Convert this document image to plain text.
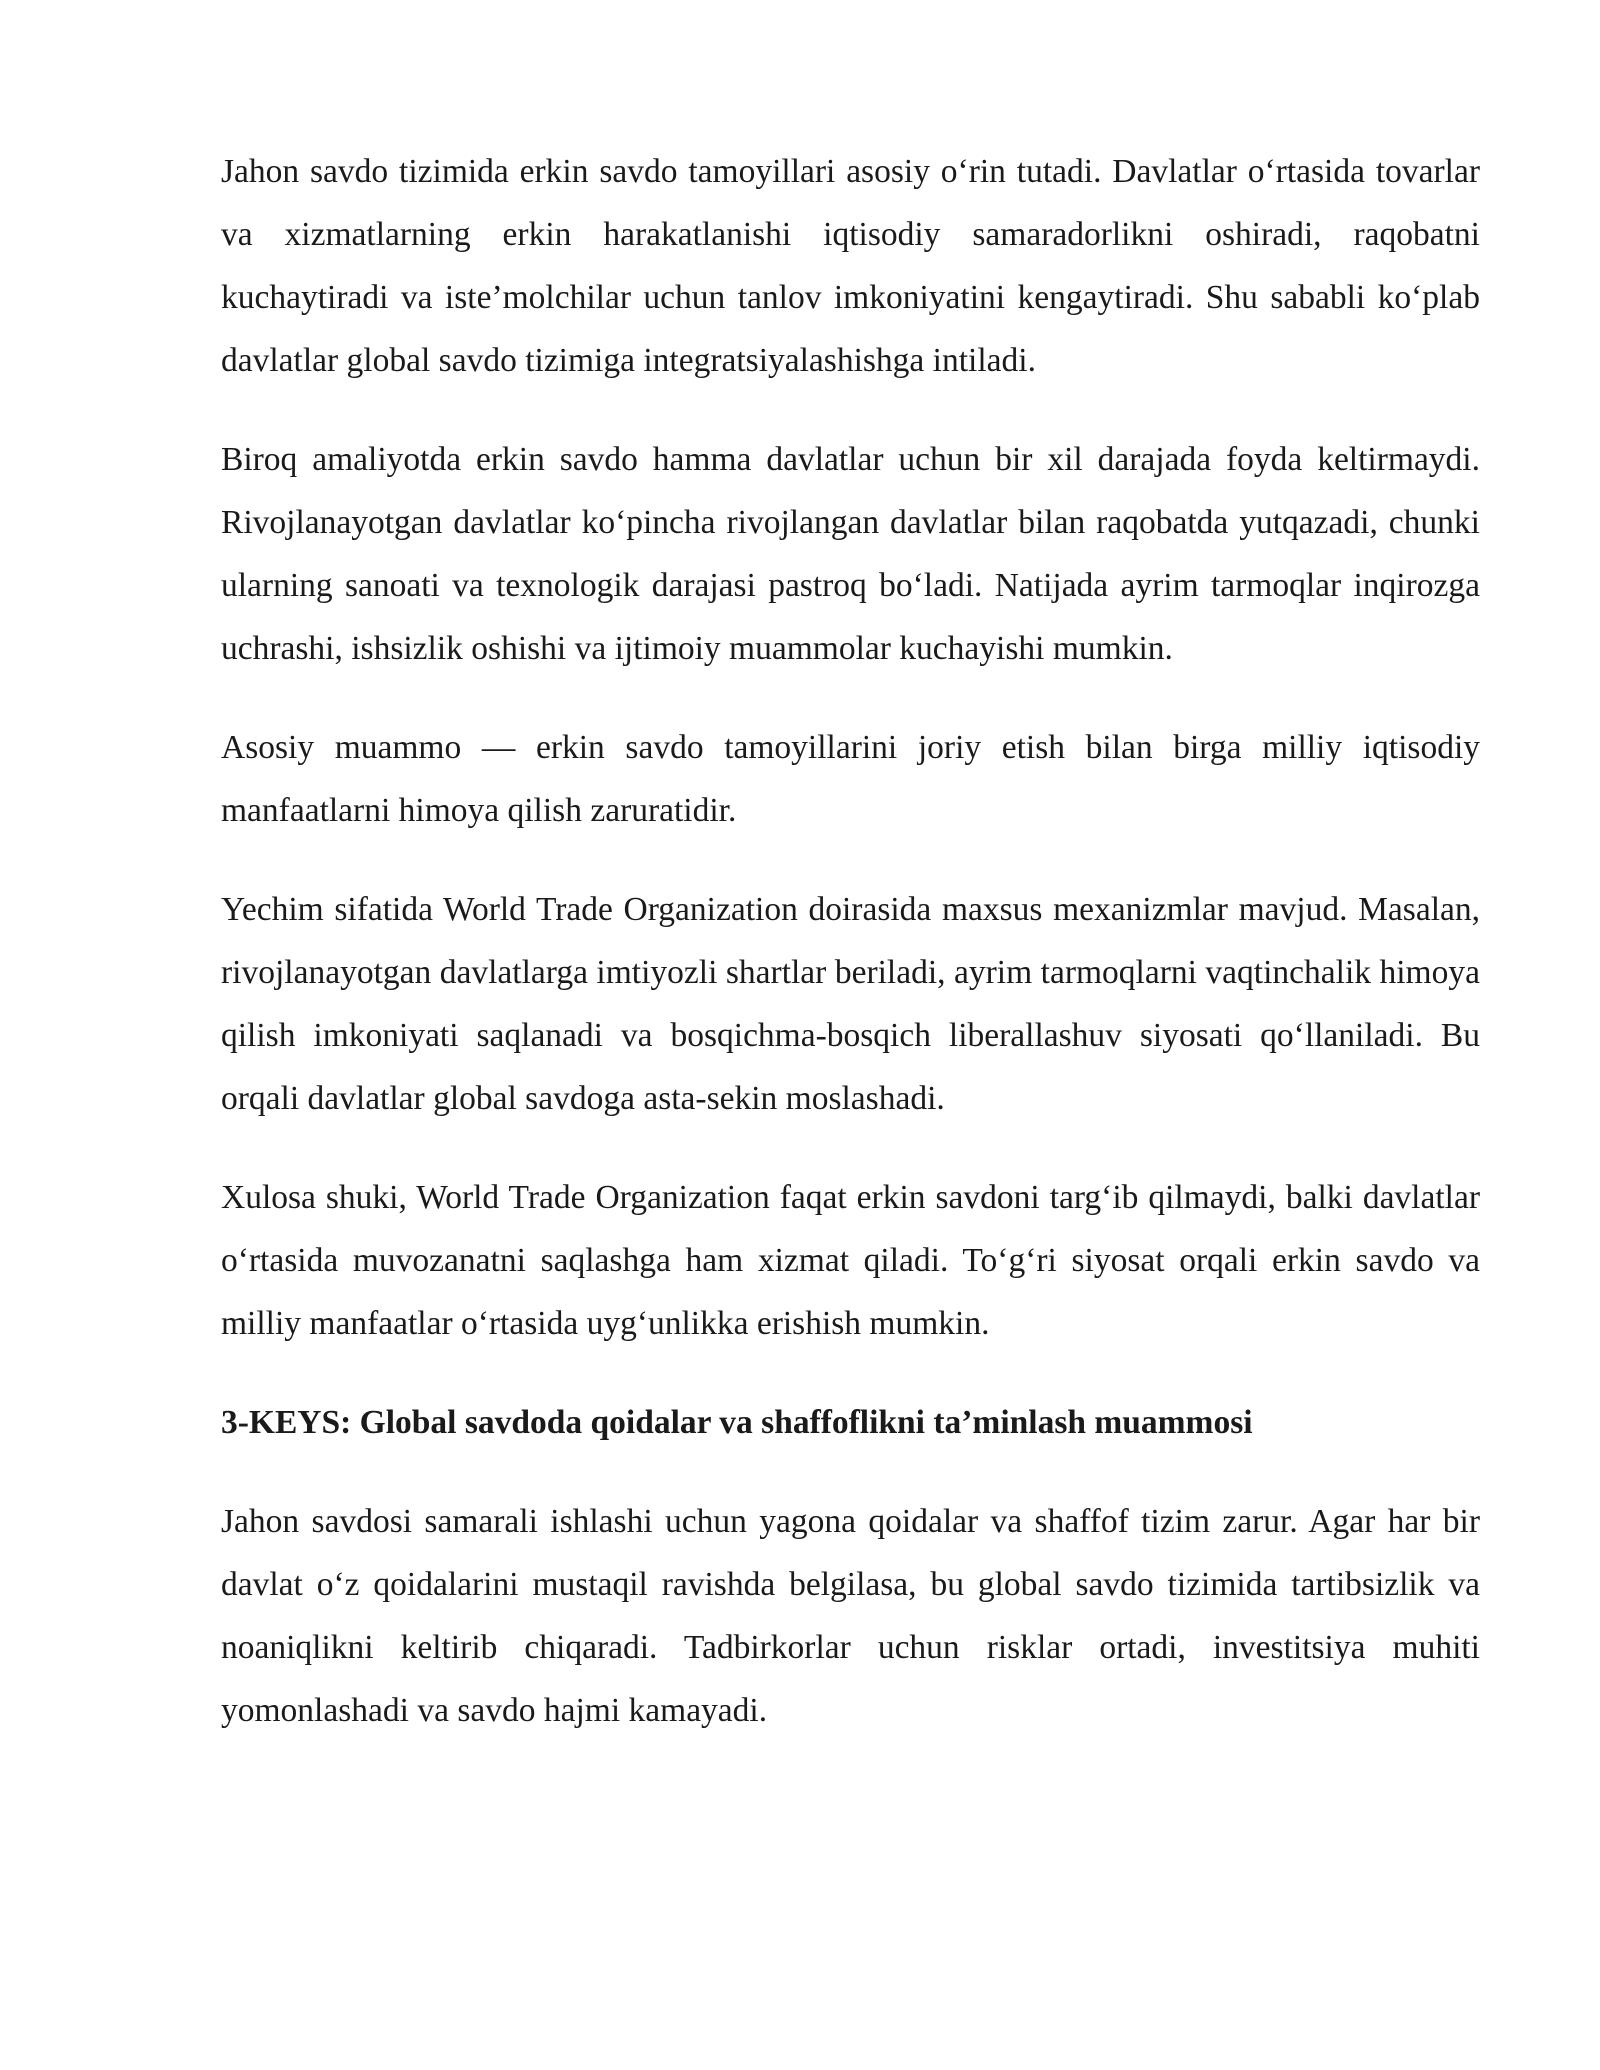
Jahon savdo tizimida erkin savdo tamoyillari asosiy o‘rin tutadi. Davlatlar o‘rtasida tovarlar va xizmatlarning erkin harakatlanishi iqtisodiy samaradorlikni oshiradi, raqobatni kuchaytiradi va iste’molchilar uchun tanlov imkoniyatini kengaytiradi. Shu sababli ko‘plab davlatlar global savdo tizimiga integratsiyalashishga intiladi.

Biroq amaliyotda erkin savdo hamma davlatlar uchun bir xil darajada foyda keltirmaydi. Rivojlanayotgan davlatlar ko‘pincha rivojlangan davlatlar bilan raqobatda yutqazadi, chunki ularning sanoati va texnologik darajasi pastroq bo‘ladi. Natijada ayrim tarmoqlar inqirozga uchrashi, ishsizlik oshishi va ijtimoiy muammolar kuchayishi mumkin.

Asosiy muammo — erkin savdo tamoyillarini joriy etish bilan birga milliy iqtisodiy manfaatlarni himoya qilish zaruratidir.

Yechim sifatida World Trade Organization doirasida maxsus mexanizmlar mavjud. Masalan, rivojlanayotgan davlatlarga imtiyozli shartlar beriladi, ayrim tarmoqlarni vaqtinchalik himoya qilish imkoniyati saqlanadi va bosqichma-bosqich liberallashuv siyosati qo‘llaniladi. Bu orqali davlatlar global savdoga asta-sekin moslashadi.

Xulosa shuki, World Trade Organization faqat erkin savdoni targ‘ib qilmaydi, balki davlatlar o‘rtasida muvozanatni saqlashga ham xizmat qiladi. To‘g‘ri siyosat orqali erkin savdo va milliy manfaatlar o‘rtasida uyg‘unlikka erishish mumkin.

3-KEYS: Global savdoda qoidalar va shaffoflikni ta’minlash muammosi

Jahon savdosi samarali ishlashi uchun yagona qoidalar va shaffof tizim zarur. Agar har bir davlat o‘z qoidalarini mustaqil ravishda belgilasa, bu global savdo tizimida tartibsizlik va noaniqlikni keltirib chiqaradi. Tadbirkorlar uchun risklar ortadi, investitsiya muhiti yomonlashadi va savdo hajmi kamayadi.
